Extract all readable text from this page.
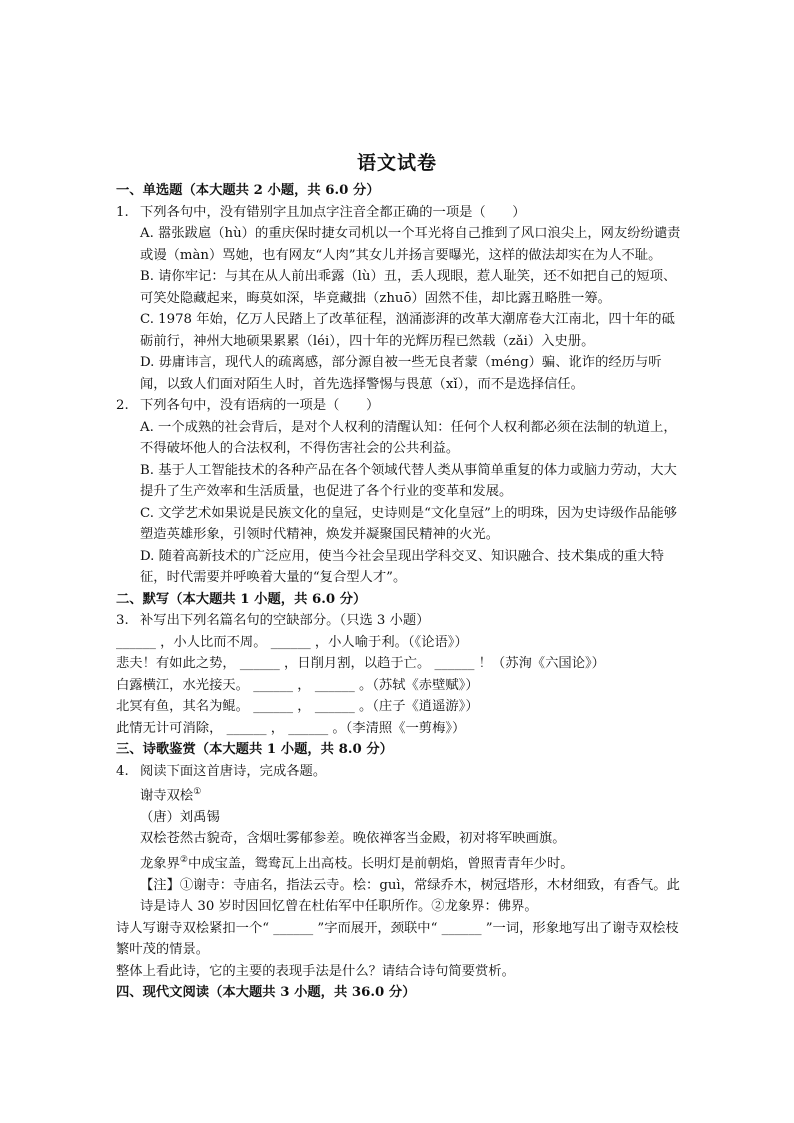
语文试卷
一、单选题（本大题共 2 小题，共 6.0 分）
1. 下列各句中，没有错别字且加点字注音全都正确的一项是（　　）
A. 嚣张跋扈（hù）的重庆保时捷女司机以一个耳光将自己推到了风口浪尖上，网友纷纷谴责或谩（màn）骂她，也有网友“人肉”其女儿并扬言要曝光，这样的做法却实在为人不耻。
B. 请你牢记：与其在从人前出乖露（lù）丑，丢人现眼，惹人耻笑，还不如把自己的短项、可笑处隐藏起来，晦莫如深，毕竟藏拙（zhuō）固然不佳，却比露丑略胜一筹。
C. 1978 年始，亿万人民踏上了改革征程，汹涌澎湃的改革大潮席卷大江南北，四十年的砥砺前行，神州大地硕果累累（léi），四十年的光辉历程已然载（zǎi）入史册。
D. 毋庸讳言，现代人的疏离感，部分源自被一些无良者蒙（méng）骗、讹诈的经历与听闻，以致人们面对陌生人时，首先选择警惕与畏葸（xǐ），而不是选择信任。
2. 下列各句中，没有语病的一项是（　　）
A. 一个成熟的社会背后，是对个人权利的清醒认知：任何个人权利都必须在法制的轨道上，不得破坏他人的合法权利，不得伤害社会的公共利益。
B. 基于人工智能技术的各种产品在各个领域代替人类从事简单重复的体力或脑力劳动，大大提升了生产效率和生活质量，也促进了各个行业的变革和发展。
C. 文学艺术如果说是民族文化的皇冠，史诗则是“文化皇冠”上的明珠，因为史诗级作品能够塑造英雄形象，引领时代精神，焕发并凝聚国民精神的火光。
D. 随着高新技术的广泛应用，使当今社会呈现出学科交叉、知识融合、技术集成的重大特征，时代需要并呼唤着大量的“复合型人才”。
二、默写（本大题共 1 小题，共 6.0 分）
3. 补写出下列名篇名句的空缺部分。（只选 3 小题）
______ ，小人比而不周。 ______ ，小人喻于利。（《论语》）
悲夫！有如此之势， ______ ，日削月割，以趋于亡。 ______ ！（苏洵《六国论》）
白露横江，水光接天。 ______ ， ______ 。（苏轼《赤壁赋》）
北冥有鱼，其名为鲲。 ______ ， ______ 。（庄子《逍遥游》）
此情无计可消除， ______ ， ______ 。（李清照《一剪梅》）
三、诗歌鉴赏（本大题共 1 小题，共 8.0 分）
4. 阅读下面这首唐诗，完成各题。
谢寺双桧①
（唐）刘禹锡
双桧苍然古貌奇，含烟吐雾郁参差。晚依禅客当金殿，初对将军映画旗。
龙象界②中成宝盖，鸳鸯瓦上出高枝。长明灯是前朝焰，曾照青青年少时。
【注】①谢寺：寺庙名，指法云寺。桧：guì，常绿乔木，树冠塔形，木材细致，有香气。此诗是诗人 30 岁时因回忆曾在杜佑军中任职所作。②龙象界：佛界。
诗人写谢寺双桧紧扣一个“ ______ ”字而展开，颈联中“ ______ ”一词，形象地写出了谢寺双桧枝繁叶茂的情景。
整体上看此诗，它的主要的表现手法是什么？请结合诗句简要赏析。
四、现代文阅读（本大题共 3 小题，共 36.0 分）
